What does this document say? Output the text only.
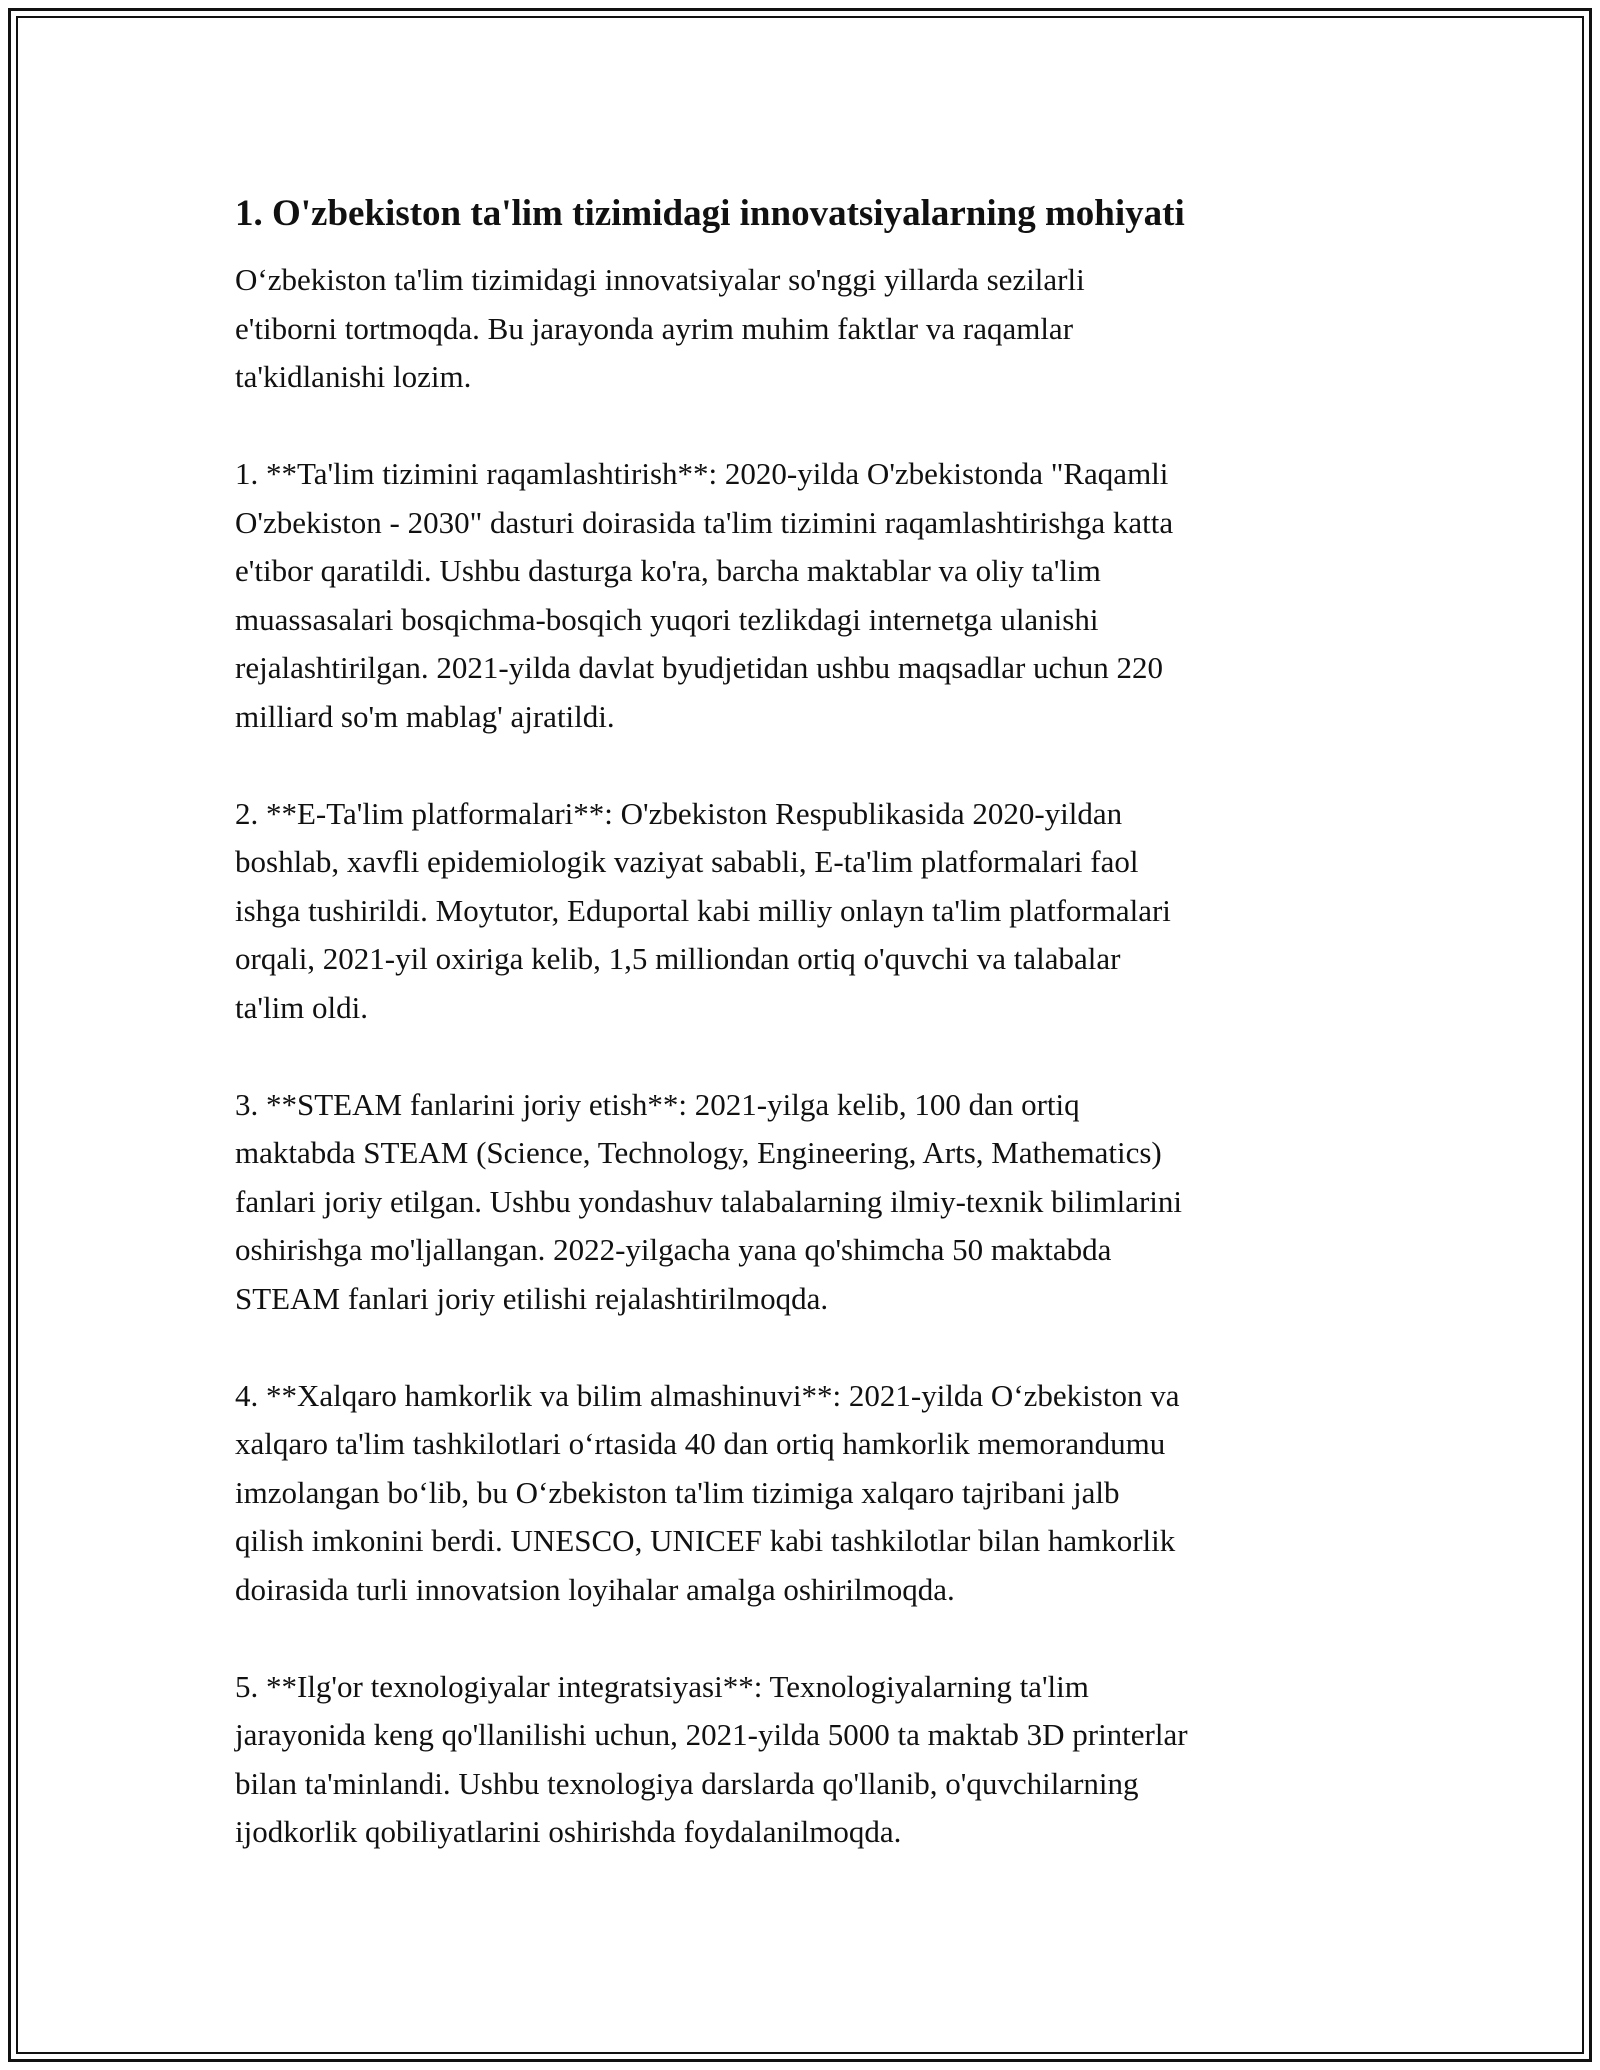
1. O'zbekiston ta'lim tizimidagi innovatsiyalarning mohiyati
O‘zbekiston ta'lim tizimidagi innovatsiyalar so'nggi yillarda sezilarli
e'tiborni tortmoqda. Bu jarayonda ayrim muhim faktlar va raqamlar
ta'kidlanishi lozim.
1. **Ta'lim tizimini raqamlashtirish**: 2020-yilda O'zbekistonda "Raqamli
O'zbekiston - 2030" dasturi doirasida ta'lim tizimini raqamlashtirishga katta
e'tibor qaratildi. Ushbu dasturga ko'ra, barcha maktablar va oliy ta'lim
muassasalari bosqichma-bosqich yuqori tezlikdagi internetga ulanishi
rejalashtirilgan. 2021-yilda davlat byudjetidan ushbu maqsadlar uchun 220
milliard so'm mablag' ajratildi.
2. **E-Ta'lim platformalari**: O'zbekiston Respublikasida 2020-yildan
boshlab, xavfli epidemiologik vaziyat sababli, E-ta'lim platformalari faol
ishga tushirildi. Moytutor, Eduportal kabi milliy onlayn ta'lim platformalari
orqali, 2021-yil oxiriga kelib, 1,5 milliondan ortiq o'quvchi va talabalar
ta'lim oldi.
3. **STEAM fanlarini joriy etish**: 2021-yilga kelib, 100 dan ortiq
maktabda STEAM (Science, Technology, Engineering, Arts, Mathematics)
fanlari joriy etilgan. Ushbu yondashuv talabalarning ilmiy-texnik bilimlarini
oshirishga mo'ljallangan. 2022-yilgacha yana qo'shimcha 50 maktabda
STEAM fanlari joriy etilishi rejalashtirilmoqda.
4. **Xalqaro hamkorlik va bilim almashinuvi**: 2021-yilda O‘zbekiston va
xalqaro ta'lim tashkilotlari o‘rtasida 40 dan ortiq hamkorlik memorandumu
imzolangan bo‘lib, bu O‘zbekiston ta'lim tizimiga xalqaro tajribani jalb
qilish imkonini berdi. UNESCO, UNICEF kabi tashkilotlar bilan hamkorlik
doirasida turli innovatsion loyihalar amalga oshirilmoqda.
5. **Ilg'or texnologiyalar integratsiyasi**: Texnologiyalarning ta'lim
jarayonida keng qo'llanilishi uchun, 2021-yilda 5000 ta maktab 3D printerlar
bilan ta'minlandi. Ushbu texnologiya darslarda qo'llanib, o'quvchilarning
ijodkorlik qobiliyatlarini oshirishda foydalanilmoqda.
